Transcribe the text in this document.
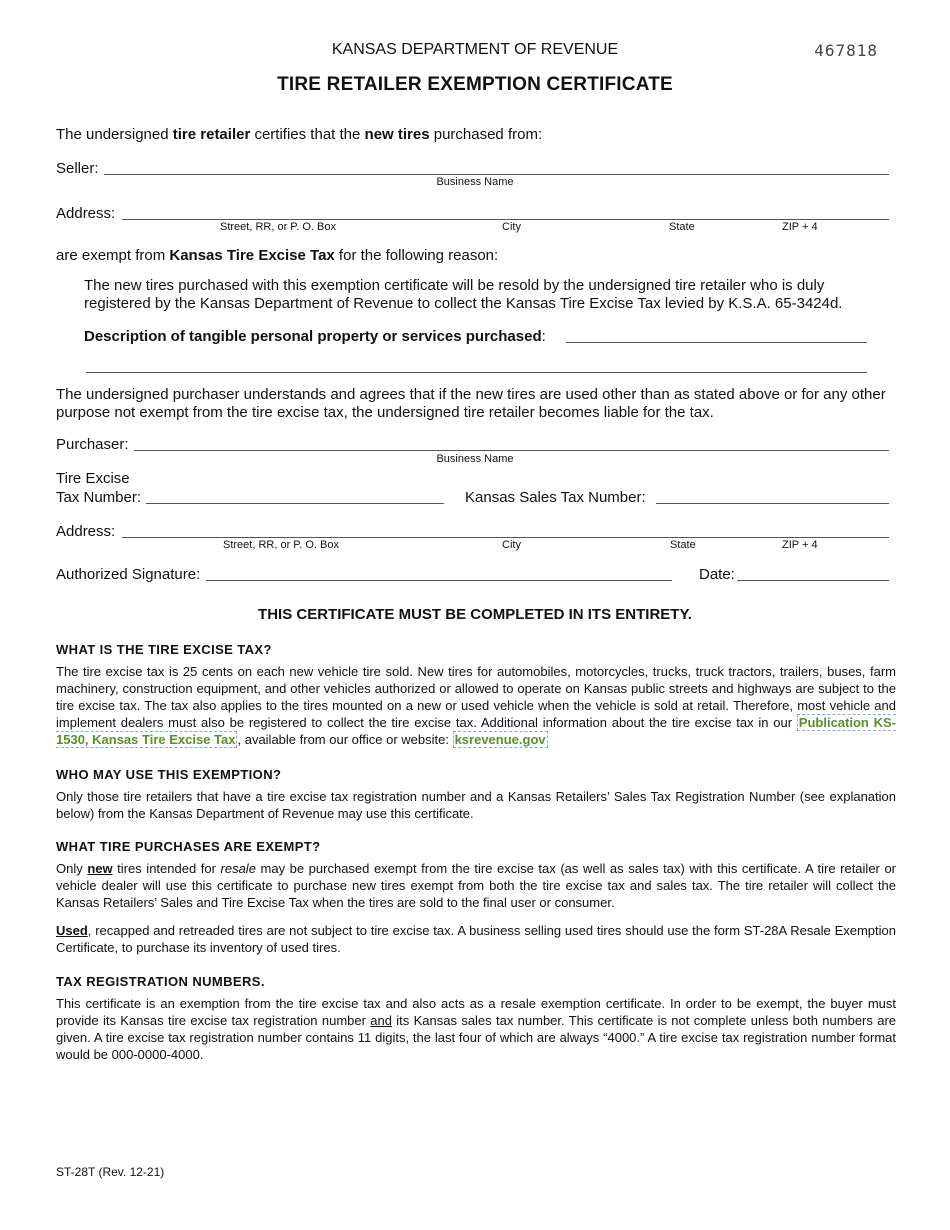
KANSAS DEPARTMENT OF REVENUE	467818
TIRE RETAILER EXEMPTION CERTIFICATE
The undersigned tire retailer certifies that the new tires purchased from:
Seller:
Business Name
Address:
Street, RR, or P. O. Box	City	State	ZIP + 4
are exempt from Kansas Tire Excise Tax for the following reason:
The new tires purchased with this exemption certificate will be resold by the undersigned tire retailer who is duly registered by the Kansas Department of Revenue to collect the Kansas Tire Excise Tax levied by K.S.A. 65-3424d.
Description of tangible personal property or services purchased:
The undersigned purchaser understands and agrees that if the new tires are used other than as stated above or for any other purpose not exempt from the tire excise tax, the undersigned tire retailer becomes liable for the tax.
Purchaser:
Business Name
Tire Excise
Tax Number:	Kansas Sales Tax Number:
Address:
Street, RR, or P. O. Box	City	State	ZIP + 4
Authorized Signature:	Date:
THIS CERTIFICATE MUST BE COMPLETED IN ITS ENTIRETY.
WHAT IS THE TIRE EXCISE TAX?
The tire excise tax is 25 cents on each new vehicle tire sold. New tires for automobiles, motorcycles, trucks, truck tractors, trailers, buses, farm machinery, construction equipment, and other vehicles authorized or allowed to operate on Kansas public streets and highways are subject to the tire excise tax. The tax also applies to the tires mounted on a new or used vehicle when the vehicle is sold at retail. Therefore, most vehicle and implement dealers must also be registered to collect the tire excise tax. Additional information about the tire excise tax in our Publication KS-1530, Kansas Tire Excise Tax , available from our office or website: ksrevenue.gov
WHO MAY USE THIS EXEMPTION?
Only those tire retailers that have a tire excise tax registration number and a Kansas Retailers’ Sales Tax Registration Number (see explanation below) from the Kansas Department of Revenue may use this certificate.
WHAT TIRE PURCHASES ARE EXEMPT?
Only new tires intended for resale may be purchased exempt from the tire excise tax (as well as sales tax) with this certificate. A tire retailer or vehicle dealer will use this certificate to purchase new tires exempt from both the tire excise tax and sales tax. The tire retailer will collect the Kansas Retailers’ Sales and Tire Excise Tax when the tires are sold to the final user or consumer.
Used, recapped and retreaded tires are not subject to tire excise tax. A business selling used tires should use the form ST-28A Resale Exemption Certificate, to purchase its inventory of used tires.
TAX REGISTRATION NUMBERS.
This certificate is an exemption from the tire excise tax and also acts as a resale exemption certificate. In order to be exempt, the buyer must provide its Kansas tire excise tax registration number and its Kansas sales tax number. This certificate is not complete unless both numbers are given. A tire excise tax registration number contains 11 digits, the last four of which are always “4000.” A tire excise tax registration number format would be 000-0000-4000.
ST-28T (Rev. 12-21)
